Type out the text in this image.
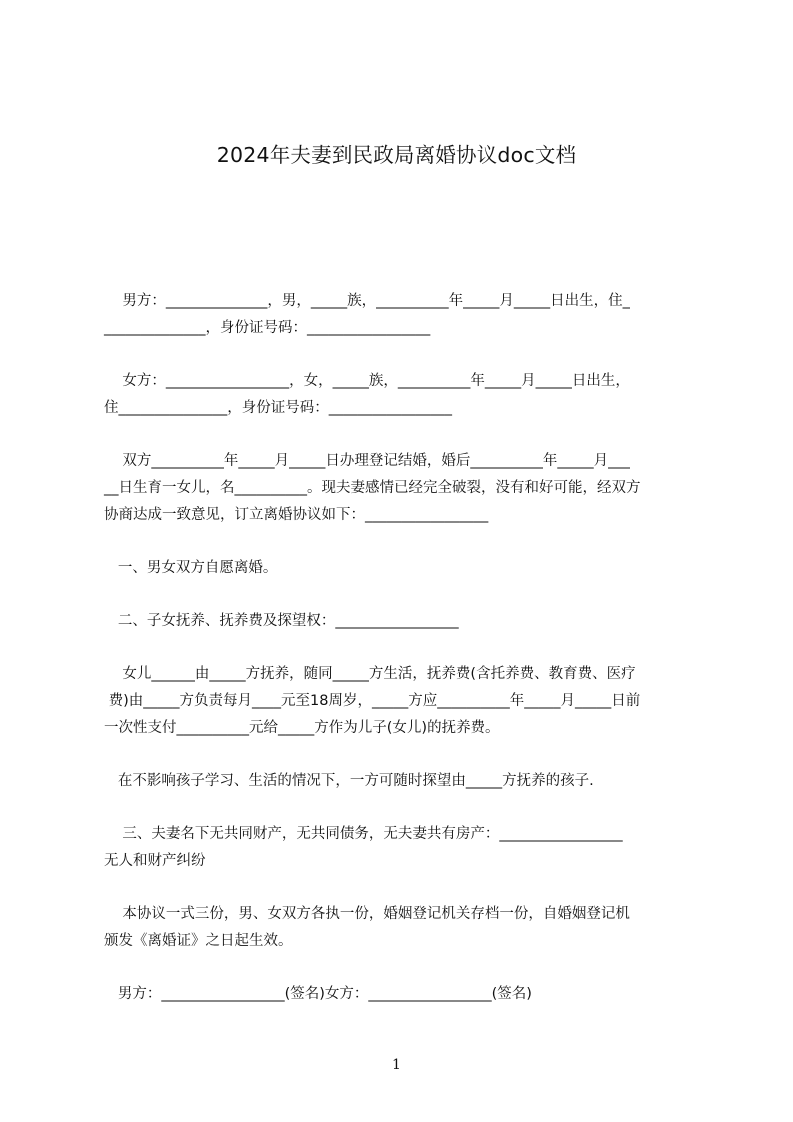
2024年夫妻到民政局离婚协议doc文档
男方：______________，男，_____族，__________年_____月_____日出生，住_
______________，身份证号码：_________________
女方：_________________，女，_____族，__________年_____月_____日出生，
住_______________，身份证号码：_________________
双方__________年_____月_____日办理登记结婚，婚后__________年_____月___
__日生育一女儿，名__________。现夫妻感情已经完全破裂，没有和好可能，经双方
协商达成一致意见，订立离婚协议如下：_________________
一、男女双方自愿离婚。
二、子女抚养、抚养费及探望权：_________________
女儿______由_____方抚养，随同_____方生活，抚养费(含托养费、教育费、医疗
费)由_____方负责每月____元至18周岁，_____方应__________年_____月_____日前
一次性支付__________元给_____方作为儿子(女儿)的抚养费。
在不影响孩子学习、生活的情况下，一方可随时探望由_____方抚养的孩子.
三、夫妻名下无共同财产，无共同债务，无夫妻共有房产：_________________
无人和财产纠纷
本协议一式三份，男、女双方各执一份，婚姻登记机关存档一份，自婚姻登记机
颁发《离婚证》之日起生效。
男方：_________________(签名)女方：_________________(签名)
1
